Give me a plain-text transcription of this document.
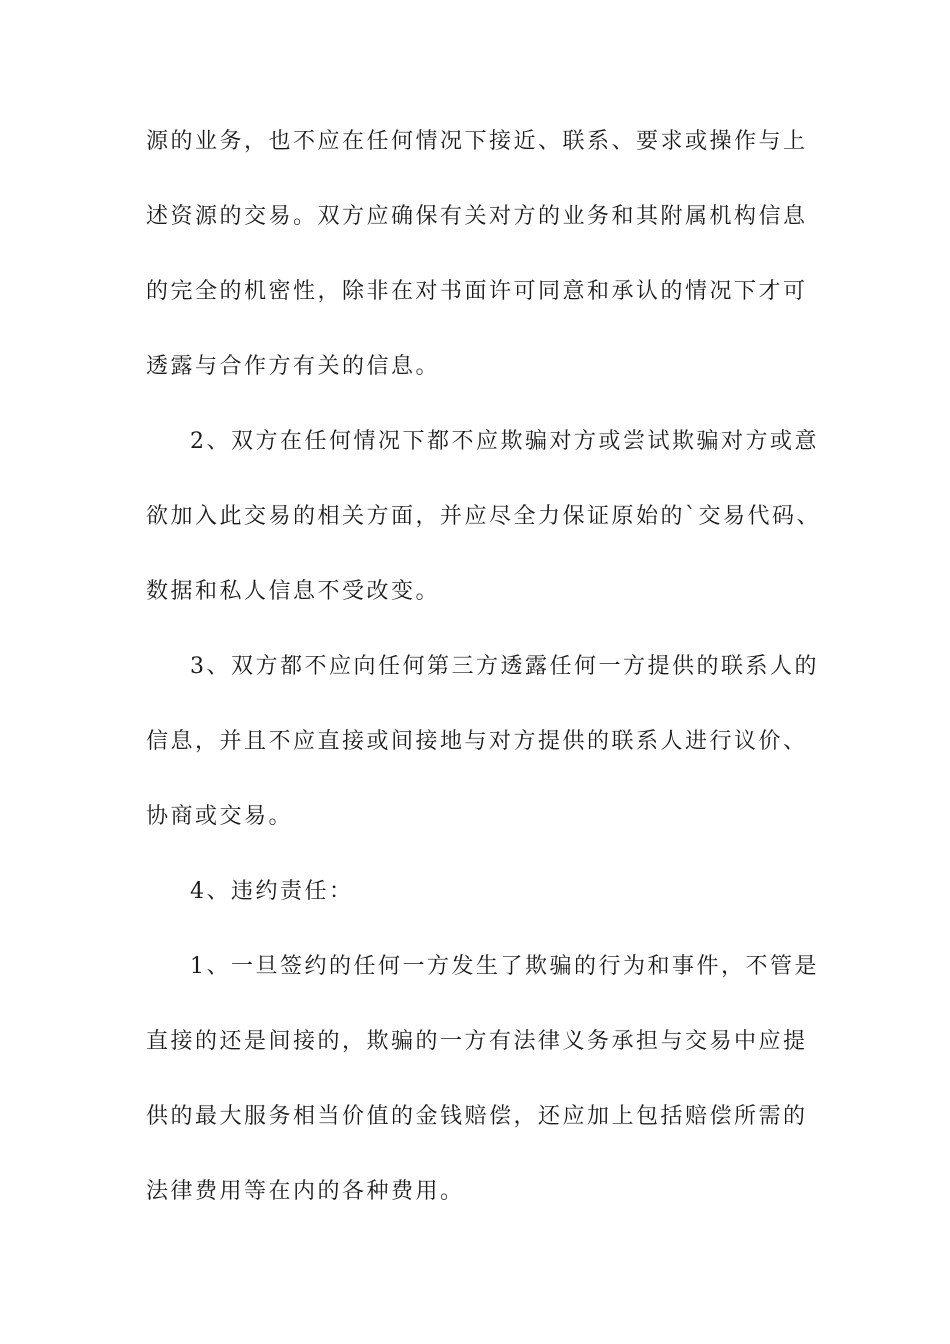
源的业务，也不应在任何情况下接近、联系、要求或操作与上
述资源的交易。双方应确保有关对方的业务和其附属机构信息
的完全的机密性，除非在对书面许可同意和承认的情况下才可
透露与合作方有关的信息。
2、双方在任何情况下都不应欺骗对方或尝试欺骗对方或意
欲加入此交易的相关方面，并应尽全力保证原始的`交易代码、
数据和私人信息不受改变。
3、双方都不应向任何第三方透露任何一方提供的联系人的
信息，并且不应直接或间接地与对方提供的联系人进行议价、
协商或交易。
4、违约责任：
1、一旦签约的任何一方发生了欺骗的行为和事件，不管是
直接的还是间接的，欺骗的一方有法律义务承担与交易中应提
供的最大服务相当价值的金钱赔偿，还应加上包括赔偿所需的
法律费用等在内的各种费用。
